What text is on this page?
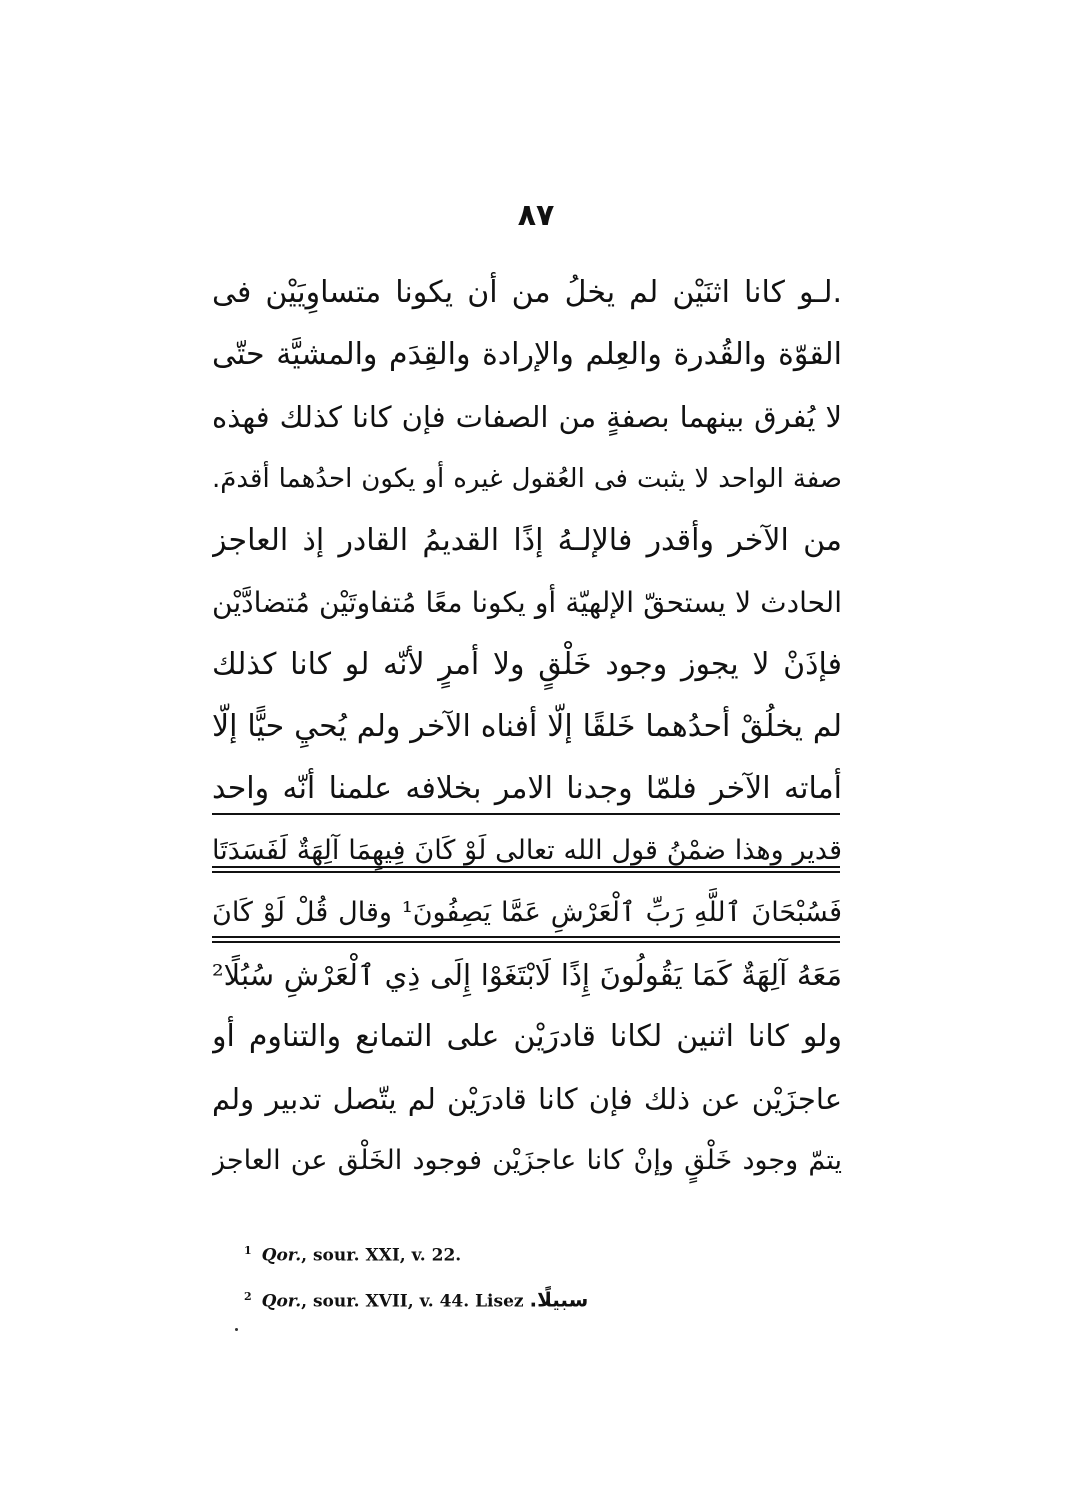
٨٧
.لـو كانا اثنَيْن لم يخلُ من أن يكونا متساوِيَيْن فى
القوّة والقُدرة والعِلم والإرادة والقِدَم والمشيَّة حتّى
لا يُفرق بينهما بصفةٍ من الصفات فإن كانا كذلك فهذه
صفة الواحد لا يثبت فى العُقول غيره أو يكون احدُهما أقدمَ.
من الآخر وأقدر فالإلـهُ إذًا القديمُ القادر إذ العاجز
الحادث لا يستحقّ الإلهيّة أو يكونا معًا مُتفاوتَيْن مُتضادَّيْن
فإذَنْ لا يجوز وجود خَلْقٍ ولا أمرٍ لأنّه لو كانا كذلك
لم يخلُقْ أحدُهما خَلقًا إلّا أفناه الآخر ولم يُحيِ حيًّا إلّا
أماته الآخر فلمّا وجدنا الامر بخلافه علمنا أنّه واحد
قدير وهذا ضمْنُ قول الله تعالى لَوْ كَانَ فِيهِمَا آلِهَةٌ لَفَسَدَتَا
فَسُبْحَانَ ٱللَّهِ رَبِّ ٱلْعَرْشِ عَمَّا يَصِفُونَ¹ وقال قُلْ لَوْ كَانَ
مَعَهُ آلِهَةٌ كَمَا يَقُولُونَ إِذًا لَابْتَغَوْا إِلَى ذِي ٱلْعَرْشِ سُبُلًا²
ولو كانا اثنين لكانا قادرَيْن على التمانع والتناوم أو
عاجزَيْن عن ذلك فإن كانا قادرَيْن لم يتّصل تدبير ولم
يتمّ وجود خَلْقٍ وإنْ كانا عاجزَيْن فوجود الخَلْق عن العاجز
$^1$ Qor., sour. XXI, v. 22.
$^2$ Qor., sour. XVII, v. 44. Lisez سبيلًا.
